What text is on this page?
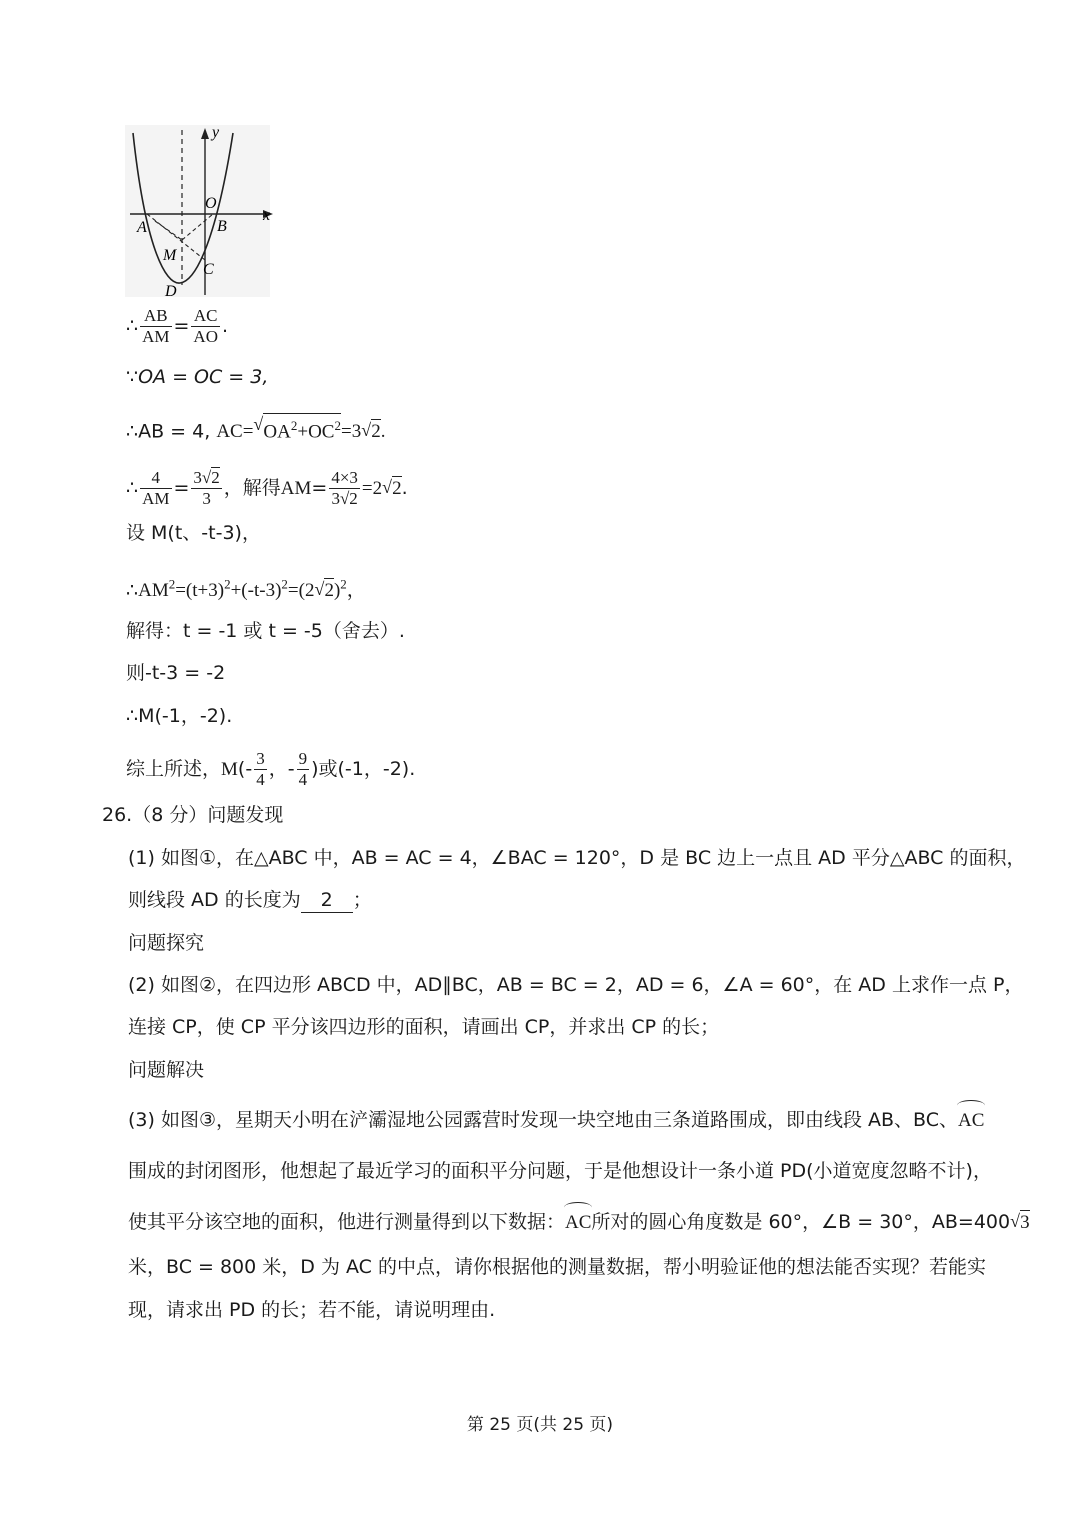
y
x
O
A	B
M
C
D
∴ $\frac{AB}{AM} = \frac{AC}{AO}$ .
∵OA = OC = 3,
∴AB = 4, AC= √ $OA^2+OC^2=3$ √ 2.
∴ $\frac{4}{AM} = \frac{3√2}{3}$ ，解得$AM= \frac{4\times 3}{3√2} =2$ √ 2.
设 M(t、-t-3)，
$\therefore AM^2=(t+3)^2+(-t-3)^2=(2$ √ 2)$^2$，
解得：t = -1 或 t = -5（舍去）.
则-t-3 = -2
∴M(-1，-2).
综上所述，$M(- \frac{3}{4}$ ，- $\frac{9}{4}$ )或(-1，-2).
26.（8 分）问题发现
(1) 如图①，在△ABC 中，AB = AC = 4，∠BAC = 120°，D 是 BC 边上一点且 AD 平分△ABC 的面积，
则线段 AD 的长度为 2 ；
问题探究
(2) 如图②，在四边形 ABCD 中，AD∥BC，AB = BC = 2，AD = 6，∠A = 60°，在 AD 上求作一点 P，
连接 CP，使 CP 平分该四边形的面积，请画出 CP，并求出 CP 的长；
问题解决
(3) 如图③，星期天小明在浐灞湿地公园露营时发现一块空地由三条道路围成，即由线段 AB、BC、
AC
围成的封闭图形，他想起了最近学习的面积平分问题，于是他想设计一条小道 PD(小道宽度忽略不计)，
使其平分该空地的面积，他进行测量得到以下数据：
AC所对的圆心角度数是 60°，∠B = 30°，AB=400 √ 3
米，BC = 800 米，D 为 AC 的中点，请你根据他的测量数据，帮小明验证他的想法能否实现？若能实
现，请求出 PD 的长；若不能，请说明理由.
第 25 页(共 25 页)
